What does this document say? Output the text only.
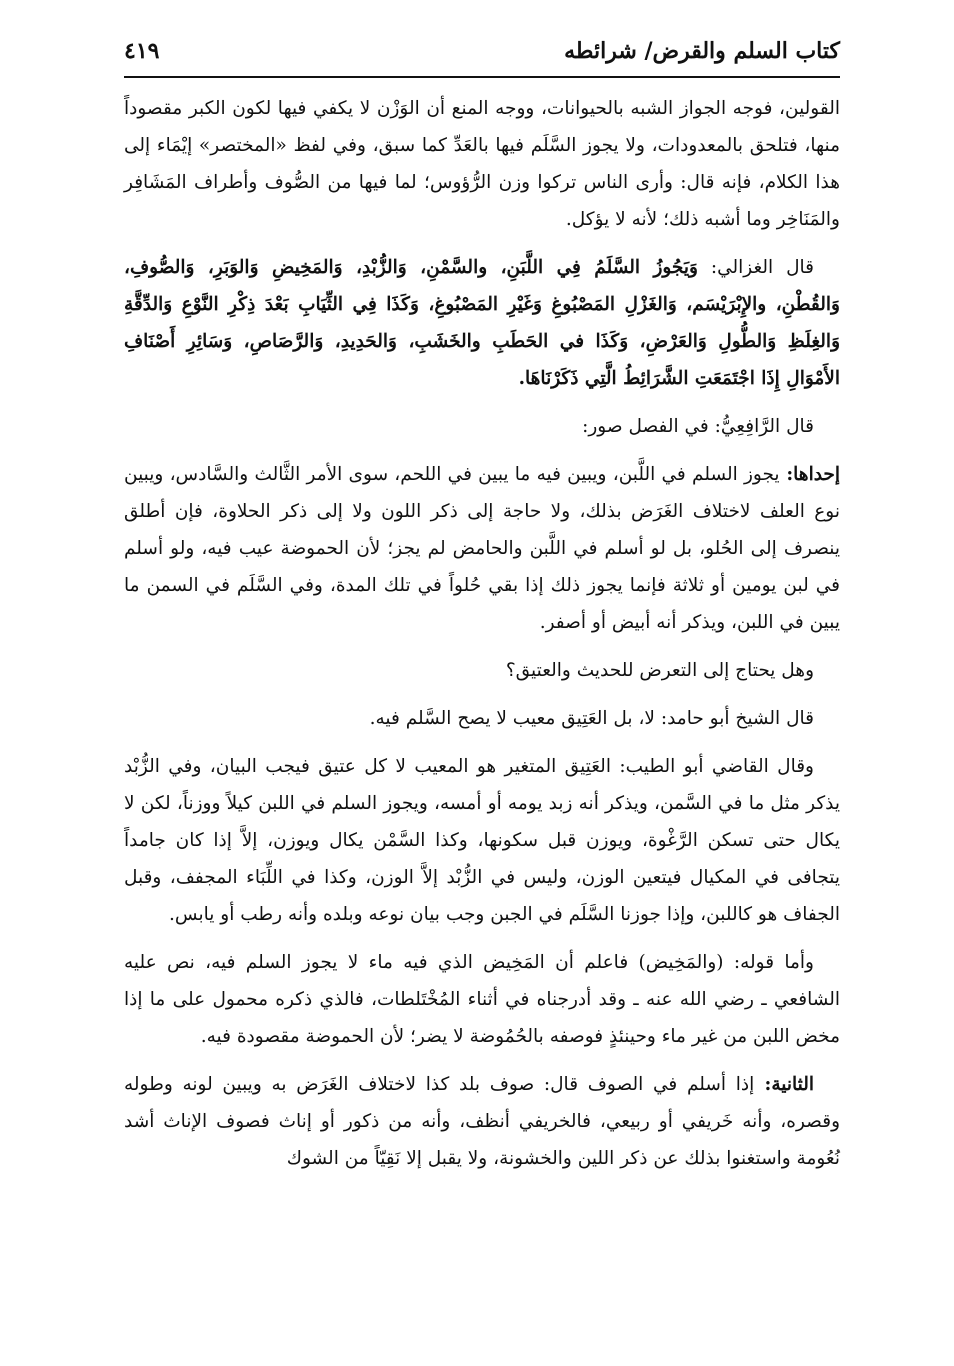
كتاب السلم والقرض/ شرائطه
٤١٩

القولين، فوجه الجواز الشبه بالحيوانات، ووجه المنع أن الوَزْن لا يكفي فيها لكون الكبر مقصوداً منها، فتلحق بالمعدودات، ولا يجوز السَّلَم فيها بالعَدِّ كما سبق، وفي لفظ «المختصر» إيْمَاء إلى هذا الكلام، فإنه قال: وأرى الناس تركوا وزن الرُّؤوس؛ لما فيها من الصُّوف وأطراف المَشَافِر والمَنَاخِر وما أشبه ذلك؛ لأنه لا يؤكل.

قال الغزالي: وَيَجُوزُ السَّلَمُ فِي اللَّبَنِ، والسَّمْنِ، وَالزُّبْدِ، وَالمَخِيضِ وَالوَبَرِ، وَالصُّوفِ، وَالقُطْنِ، والإِبْرَيْسَم، وَالغَزْلِ المَصْبُوغِ وَغَيْرِ المَصْبُوغِ، وَكَذَا فِي الثِّيَابِ بَعْدَ ذِكْرِ النَّوْعِ وَالدِّقَّةِ وَالغِلَظِ وَالطُّولِ وَالعَرْضِ، وَكَذَا في الحَطَبِ والخَشَبِ، وَالحَدِيدِ، وَالرَّصَاصِ، وَسَائِرِ أَصْنَافِ الأَمْوَالِ إِذَا اجْتَمَعَتِ الشَّرَائِطُ الَّتِي ذَكَرْنَاهَا.

قال الرَّافِعِيُّ: في الفصل صور:

إحداها: يجوز السلم في اللَّبن، ويبين فيه ما يبين في اللحم، سوى الأمر الثَّالث والسَّادس، ويبين نوع العلف لاختلاف الغَرَض بذلك، ولا حاجة إلى ذكر اللون ولا إلى ذكر الحلاوة، فإن أطلق ينصرف إلى الحُلو، بل لو أسلم في اللَّبن والحامض لم يجز؛ لأن الحموضة عيب فيه، ولو أسلم في لبن يومين أو ثلاثة فإنما يجوز ذلك إذا بقي حُلواً في تلك المدة، وفي السَّلَم في السمن ما يبين في اللبن، ويذكر أنه أبيض أو أصفر.

وهل يحتاج إلى التعرض للحديث والعتيق؟

قال الشيخ أبو حامد: لا، بل العَتِيق معيب لا يصح السَّلم فيه.

وقال القاضي أبو الطيب: العَتِيق المتغير هو المعيب لا كل عتيق فيجب البيان، وفي الزُّبْد يذكر مثل ما في السَّمن، ويذكر أنه زبد يومه أو أمسه، ويجوز السلم في اللبن كيلاً ووزناً، لكن لا يكال حتى تسكن الرَّغْوة، ويوزن قبل سكونها، وكذا السَّمْن يكال ويوزن، إلاَّ إذا كان جامداً يتجافى في المكيال فيتعين الوزن، وليس في الزُّبْد إلاَّ الوزن، وكذا في اللِّبَاء المجفف، وقبل الجفاف هو كاللبن، وإذا جوزنا السَّلَم في الجبن وجب بيان نوعه وبلده وأنه رطب أو يابس.

وأما قوله: (والمَخِيض) فاعلم أن المَخِيض الذي فيه ماء لا يجوز السلم فيه، نص عليه الشافعي ـ رضي الله عنه ـ وقد أدرجناه في أثناء المُخْتَلطات، فالذي ذكره محمول على ما إذا مخض اللبن من غير ماء وحينئذٍ فوصفه بالحُمُوضة لا يضر؛ لأن الحموضة مقصودة فيه.

الثانية: إذا أسلم في الصوف قال: صوف بلد كذا لاختلاف الغَرَض به ويبين لونه وطوله وقصره، وأنه خَريفي أو ربيعي، فالخريفي أنظف، وأنه من ذكور أو إناث فصوف الإناث أشد نُعُومة واستغنوا بذلك عن ذكر اللين والخشونة، ولا يقبل إلا نَقِيّاً من الشوك
